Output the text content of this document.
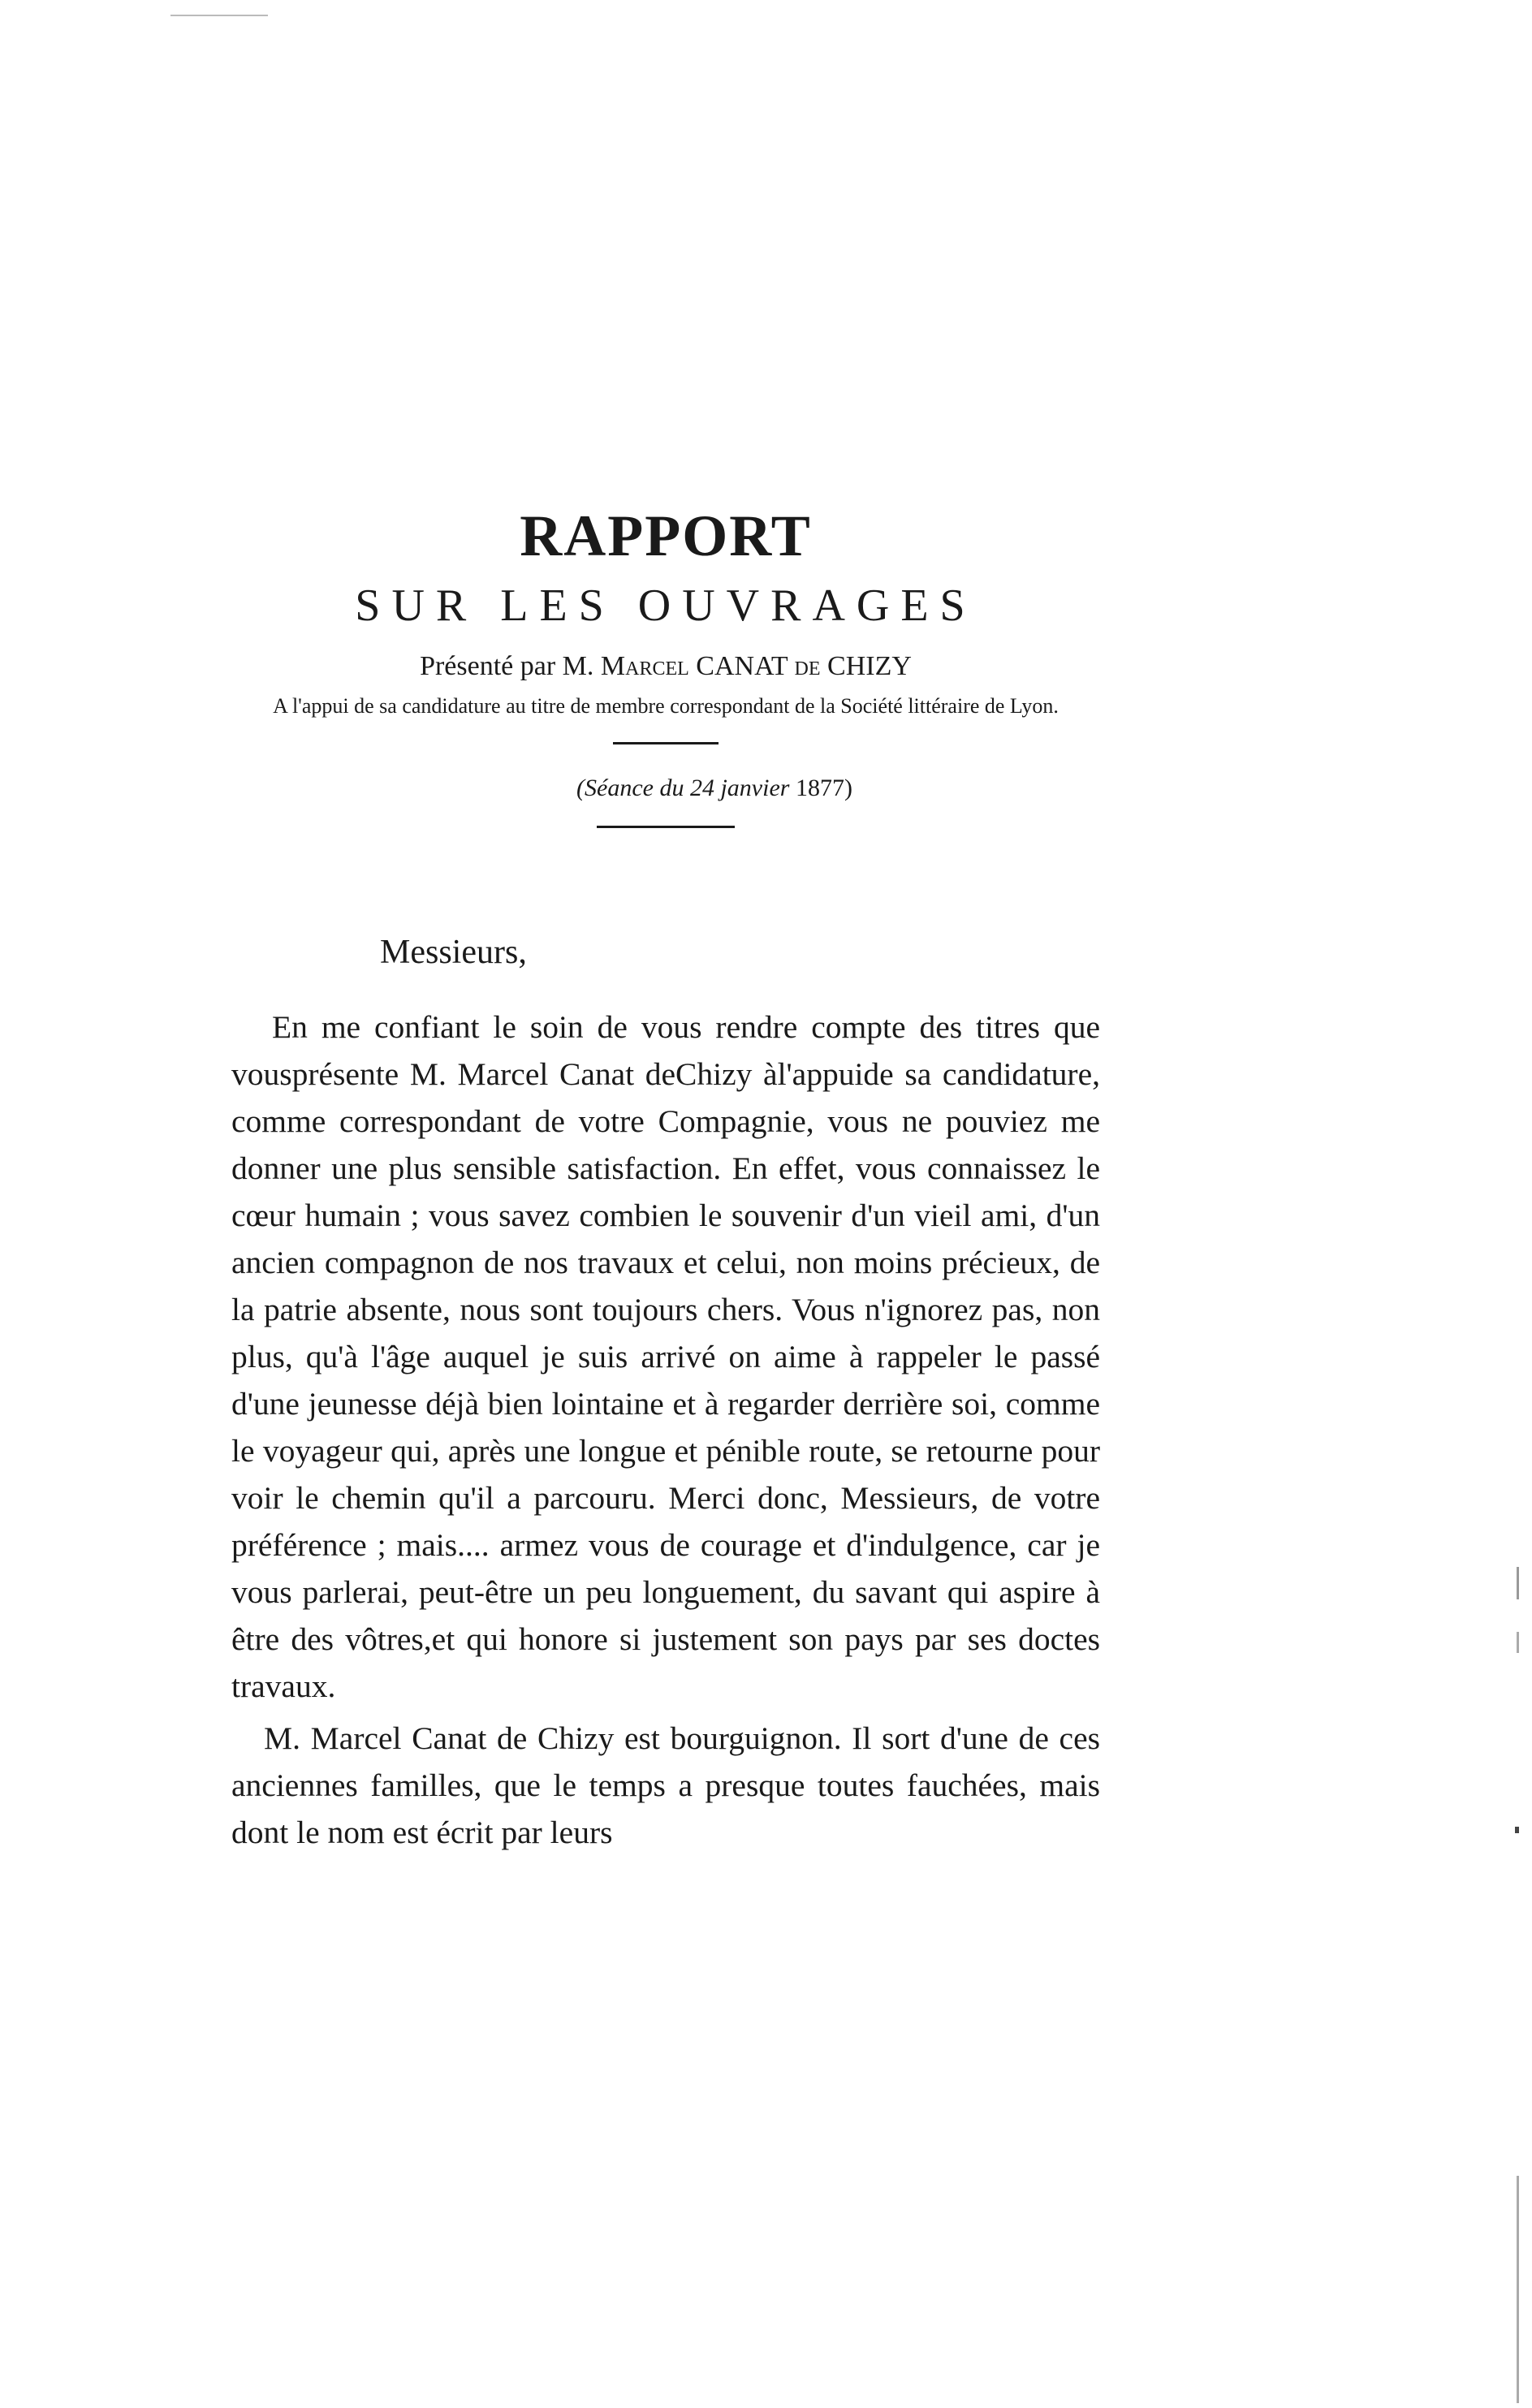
RAPPORT
SUR LES OUVRAGES

Présenté par M. Marcel CANAT de CHIZY

A l'appui de sa candidature au titre de membre correspondant de la Société littéraire de Lyon.

(Séance du 24 janvier 1877)

Messieurs,

En me confiant le soin de vous rendre compte des titres que vousprésente M. Marcel Canat deChizy àl'appuide sa candidature, comme correspondant de votre Compagnie, vous ne pouviez me donner une plus sensible satisfaction. En effet, vous connaissez le cœur humain ; vous savez combien le souvenir d'un vieil ami, d'un ancien compagnon de nos travaux et celui, non moins précieux, de la patrie absente, nous sont toujours chers. Vous n'ignorez pas, non plus, qu'à l'âge auquel je suis arrivé on aime à rappeler le passé d'une jeunesse déjà bien lointaine et à regarder derrière soi, comme le voyageur qui, après une longue et pénible route, se retourne pour voir le chemin qu'il a parcouru. Merci donc, Messieurs, de votre préférence ; mais.... armez vous de courage et d'indulgence, car je vous parlerai, peut-être un peu longuement, du savant qui aspire à être des vôtres,et qui honore si justement son pays par ses doctes travaux.

M. Marcel Canat de Chizy est bourguignon. Il sort d'une de ces anciennes familles, que le temps a presque toutes fauchées, mais dont le nom est écrit par leurs
